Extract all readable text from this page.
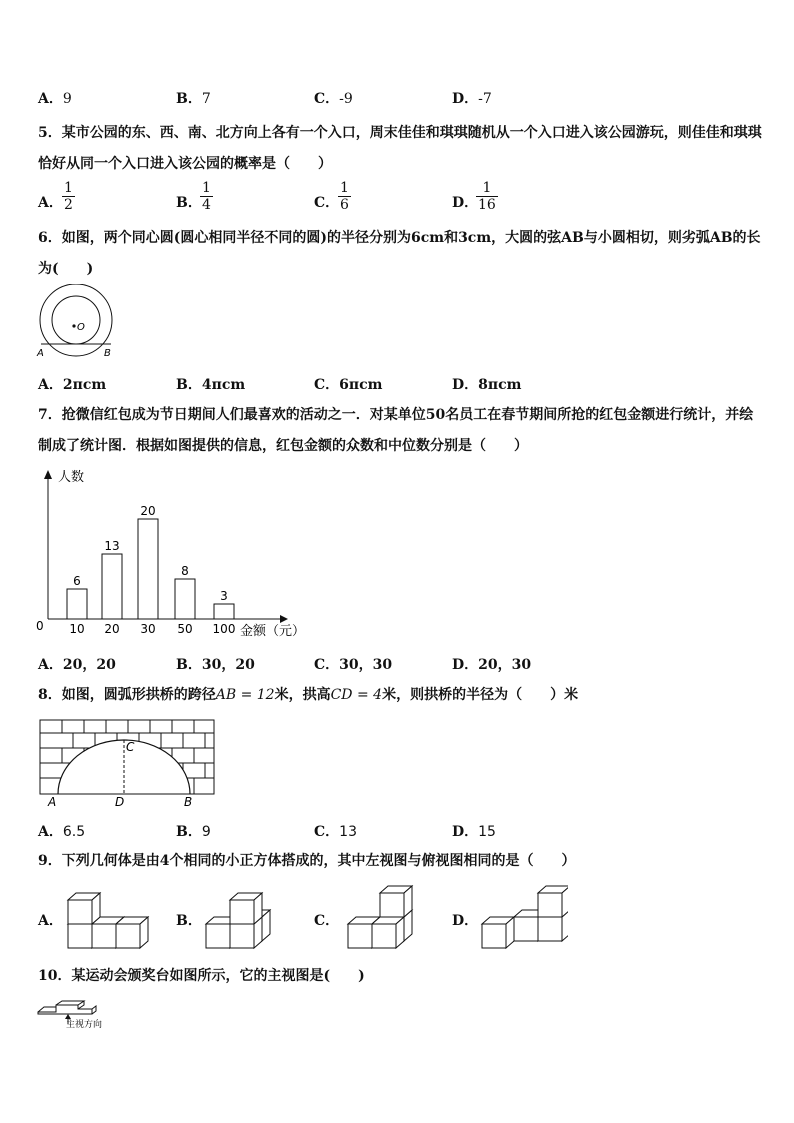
A．9	B．7	C．-9	D．-7
5．某市公园的东、西、南、北方向上各有一个入口，周末佳佳和琪琪随机从一个入口进入该公园游玩，则佳佳和琪琪
恰好从同一个入口进入该公园的概率是（　　）
A．
1
2	B．
1
4	C．
1
6	D．
1
16
6．如图，两个同心圆(圆心相同半径不同的圆)的半径分别为6cm和3cm，大圆的弦AB与小圆相切，则劣弧AB的长
为(　　)
O
A	B
A．2πcm	B．4πcm	C．6πcm	D．8πcm
7．抢微信红包成为节日期间人们最喜欢的活动之一．对某单位50名员工在春节期间所抢的红包金额进行统计，并绘
制成了统计图．根据如图提供的信息，红包金额的众数和中位数分别是（　　）
人数
金额（元）
0
6
10
13
20
20
30
8
50
3
100
A．20，20	B．30，20	C．30，30	D．20，30
8．如图，圆弧形拱桥的跨径AB = 12米，拱高CD = 4米，则拱桥的半径为（　　）米
C
A	D	B
A．6.5	B．9	C．13	D．15
9．下列几何体是由4个相同的小正方体搭成的，其中左视图与俯视图相同的是（　　）
A．	B．	C．	D．
10．某运动会颁奖台如图所示，它的主视图是(　　)
主视方向
